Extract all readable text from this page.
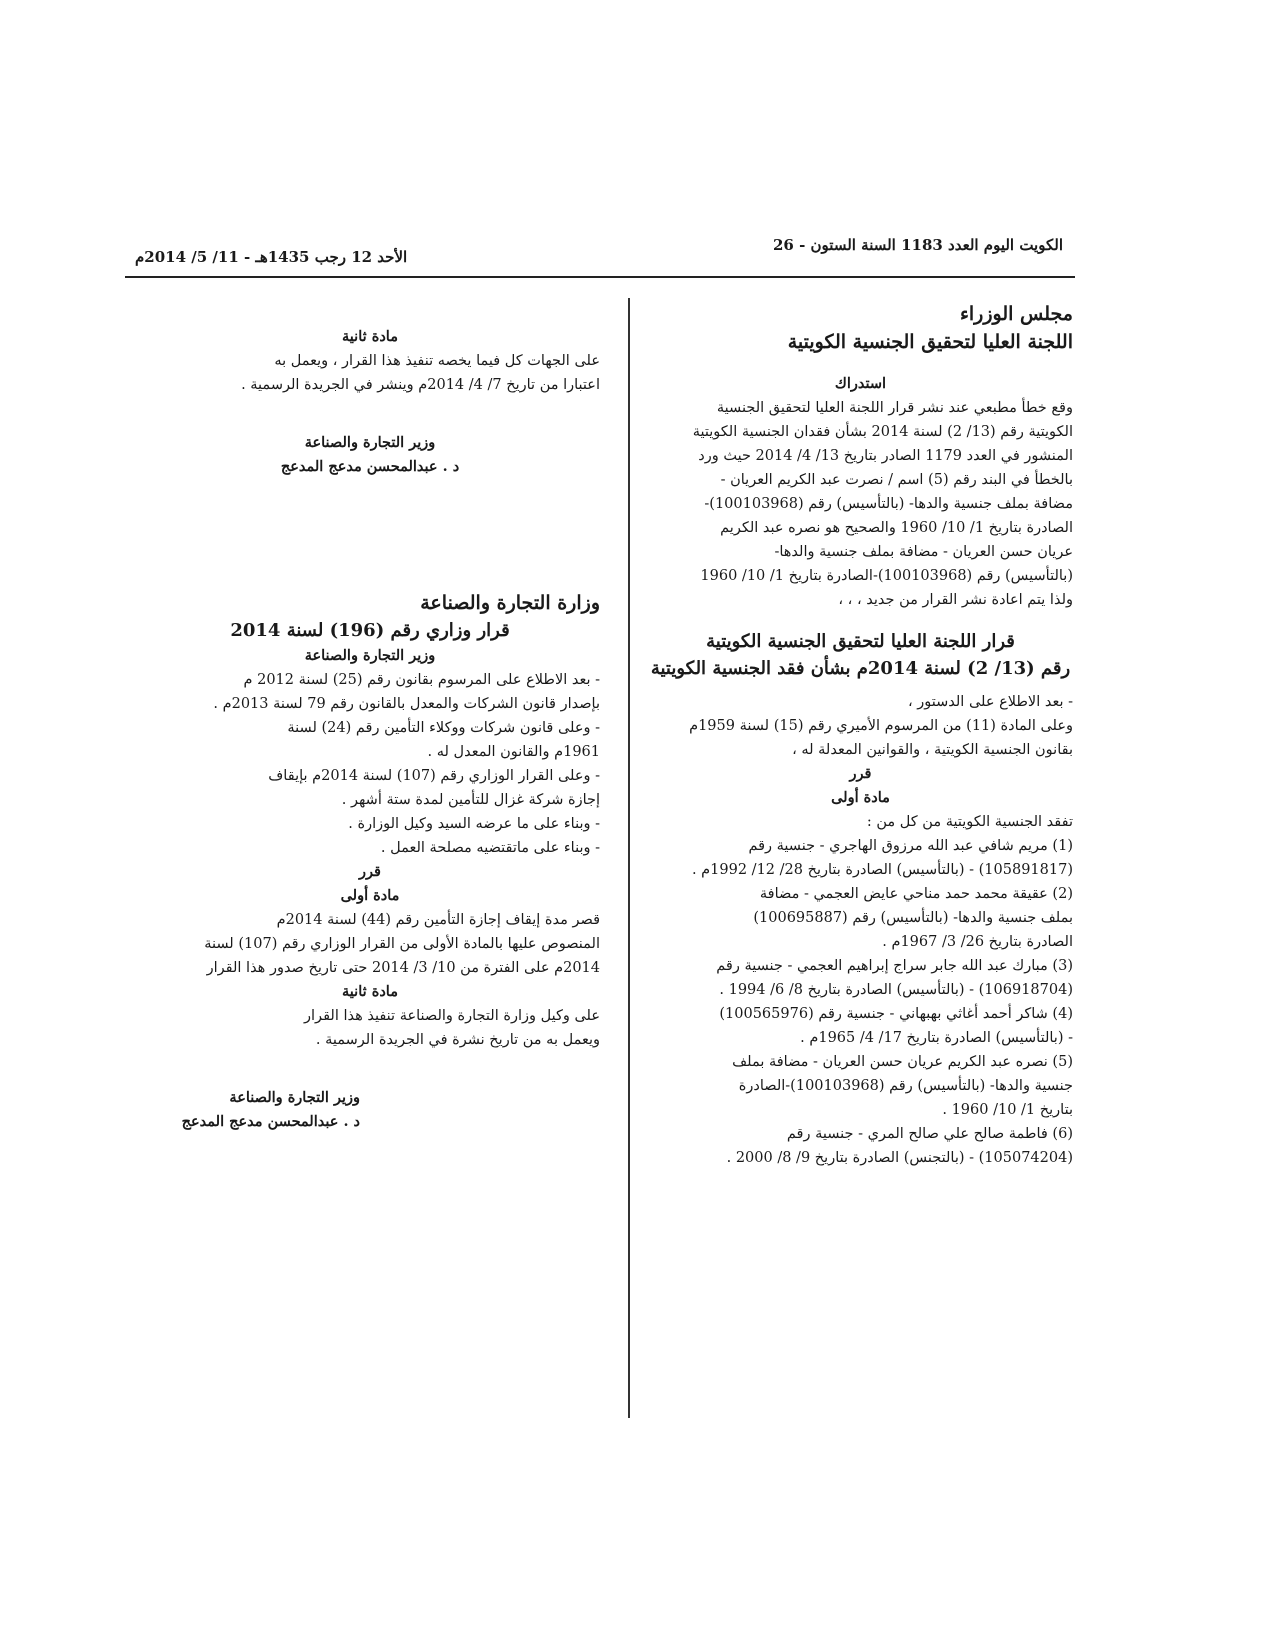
الكويت اليوم العدد 1183 السنة الستون - 26
الأحد 12 رجب 1435هـ - 11/ 5/ 2014م

مجلس الوزراء

اللجنة العليا لتحقيق الجنسية الكويتية

استدراك

وقع خطأ مطبعي عند نشر قرار اللجنة العليا لتحقيق الجنسية

الكويتية رقم (13/ 2) لسنة 2014 بشأن فقدان الجنسية الكويتية

المنشور في العدد 1179 الصادر بتاريخ 13/ 4/ 2014 حيث ورد

بالخطأ في البند رقم (5) اسم / نصرت عبد الكريم العريان -

مضافة بملف جنسية والدها- (بالتأسيس) رقم (100103968)-

الصادرة بتاريخ 1/ 10/ 1960 والصحيح هو نصره عبد الكريم

عريان حسن العريان - مضافة بملف جنسية والدها-

(بالتأسيس) رقم (100103968)-الصادرة بتاريخ 1/ 10/ 1960

ولذا يتم اعادة نشر القرار من جديد ، ، ،

قرار اللجنة العليا لتحقيق الجنسية الكويتية

رقم (13/ 2) لسنة 2014م بشأن فقد الجنسية الكويتية

- بعد الاطلاع على الدستور ،

وعلى المادة (11) من المرسوم الأميري رقم (15) لسنة 1959م

بقانون الجنسية الكويتية ، والقوانين المعدلة له ،

قرر

مادة أولى

تفقد الجنسية الكويتية من كل من :

(1) مريم شافي عبد الله مرزوق الهاجري - جنسية رقم

(105891817) - (بالتأسيس) الصادرة بتاريخ 28/ 12/ 1992م .

(2) عقيقة محمد حمد مناحي عايض العجمي - مضافة

بملف جنسية والدها- (بالتأسيس) رقم (100695887)

الصادرة بتاريخ 26/ 3/ 1967م .

(3) مبارك عبد الله جابر سراج إبراهيم العجمي - جنسية رقم

(106918704) - (بالتأسيس) الصادرة بتاريخ 8/ 6/ 1994 .

(4) شاكر أحمد أغاثي بهبهاني - جنسية رقم (100565976)

- (بالتأسيس) الصادرة بتاريخ 17/ 4/ 1965م .

(5) نصره عبد الكريم عريان حسن العريان - مضافة بملف

جنسية والدها- (بالتأسيس) رقم (100103968)-الصادرة

بتاريخ 1/ 10/ 1960 .

(6) فاطمة صالح علي صالح المري - جنسية رقم

(105074204) - (بالتجنس) الصادرة بتاريخ 9/ 8/ 2000 .

مادة ثانية

على الجهات كل فيما يخصه تنفيذ هذا القرار ، ويعمل به

اعتبارا من تاريخ 7/ 4/ 2014م وينشر في الجريدة الرسمية .

وزير التجارة والصناعة

د . عبدالمحسن مدعج المدعج

وزارة التجارة والصناعة

قرار وزاري رقم (196) لسنة 2014

وزير التجارة والصناعة

- بعد الاطلاع على المرسوم بقانون رقم (25) لسنة 2012 م

بإصدار قانون الشركات والمعدل بالقانون رقم 79 لسنة 2013م .

- وعلى قانون شركات ووكلاء التأمين رقم (24) لسنة

1961م والقانون المعدل له .

- وعلى القرار الوزاري رقم (107) لسنة 2014م بإيقاف

إجازة شركة غزال للتأمين لمدة ستة أشهر .

- وبناء على ما عرضه السيد وكيل الوزارة .

- وبناء على ماتقتضيه مصلحة العمل .

قرر

مادة أولى

قصر مدة إيقاف إجازة التأمين رقم (44) لسنة 2014م

المنصوص عليها بالمادة الأولى من القرار الوزاري رقم (107) لسنة

2014م على الفترة من 10/ 3/ 2014 حتى تاريخ صدور هذا القرار

مادة ثانية

على وكيل وزارة التجارة والصناعة تنفيذ هذا القرار

ويعمل به من تاريخ نشرة في الجريدة الرسمية .

وزير التجارة والصناعة

د . عبدالمحسن مدعج المدعج
